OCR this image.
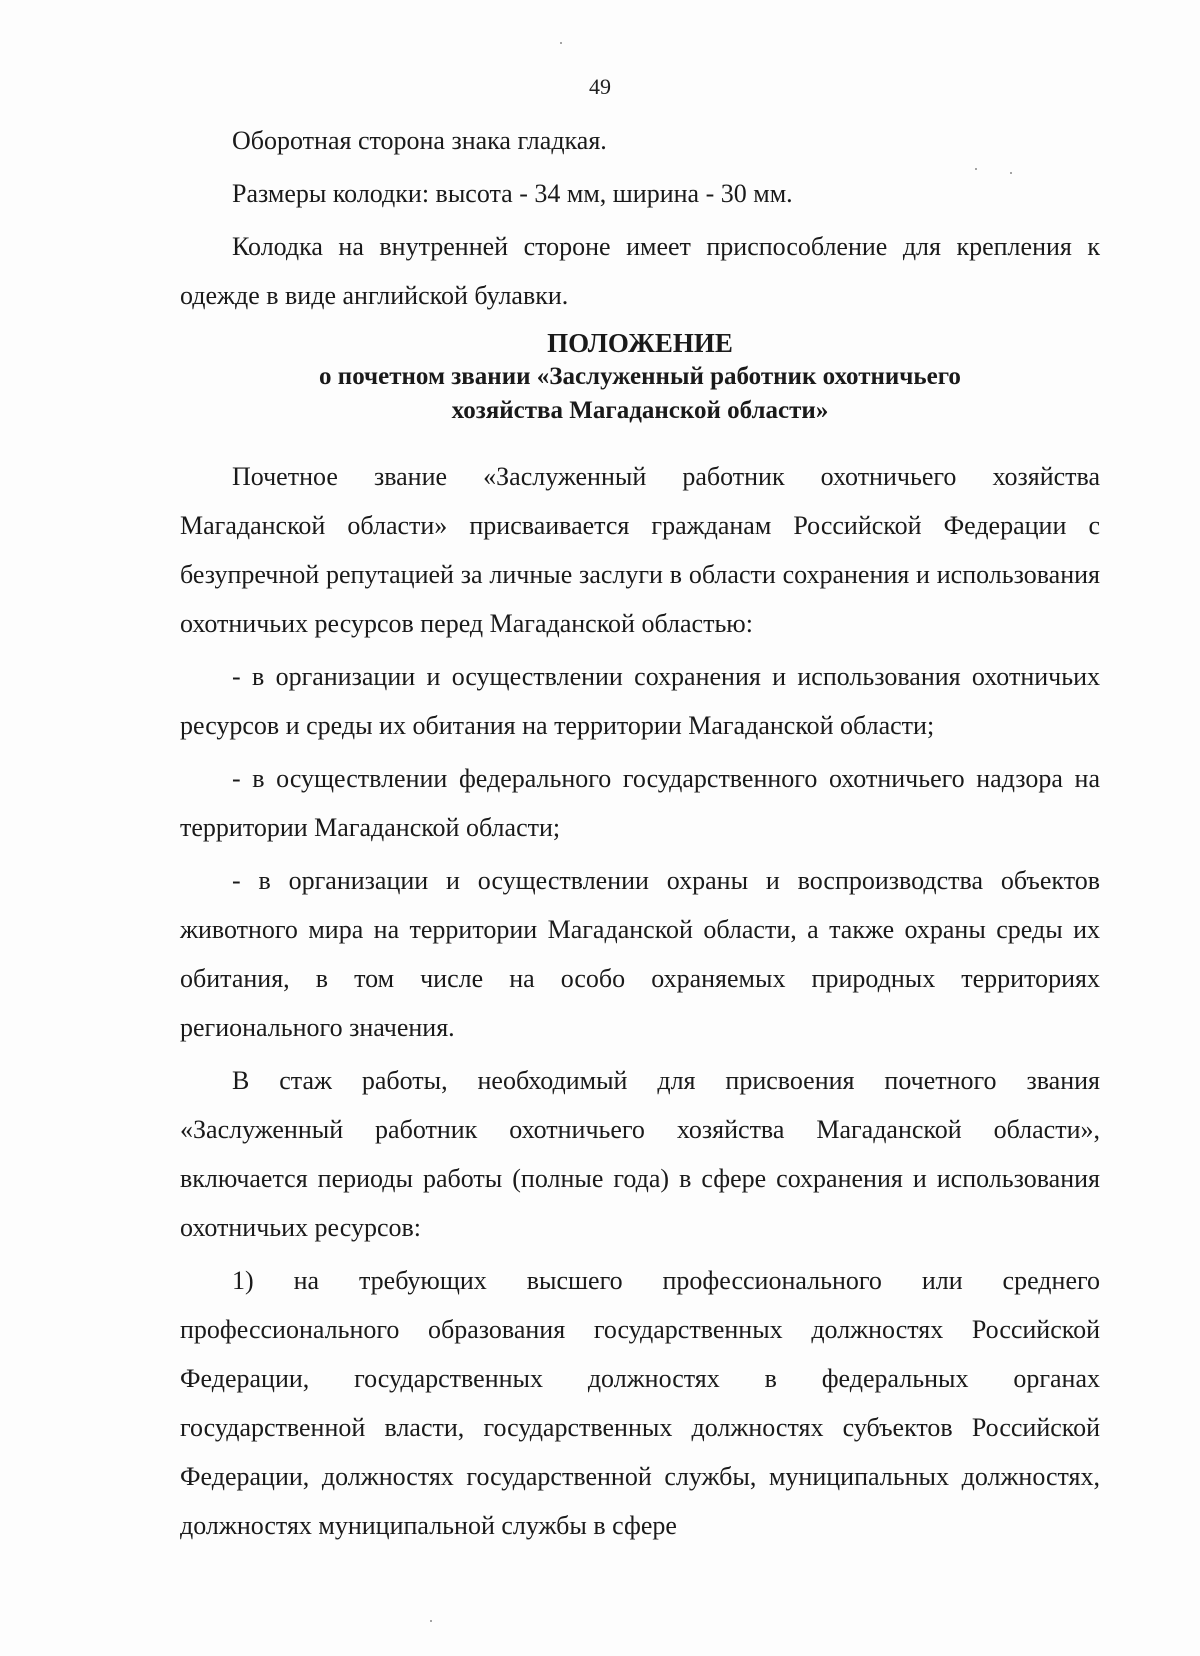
49

Оборотная сторона знака гладкая.

Размеры колодки: высота - 34 мм, ширина - 30 мм.

Колодка на внутренней стороне имеет приспособление для крепления к одежде в виде английской булавки.

ПОЛОЖЕНИЕ
о почетном звании «Заслуженный работник охотничьего
хозяйства Магаданской области»

Почетное звание «Заслуженный работник охотничьего хозяйства Магаданской области» присваивается гражданам Российской Федерации с безупречной репутацией за личные заслуги в области сохранения и использования охотничьих ресурсов перед Магаданской областью:

- в организации и осуществлении сохранения и использования охотничьих ресурсов и среды их обитания на территории Магаданской области;

- в осуществлении федерального государственного охотничьего надзора на территории Магаданской области;

- в организации и осуществлении охраны и воспроизводства объектов животного мира на территории Магаданской области, а также охраны среды их обитания, в том числе на особо охраняемых природных территориях регионального значения.

В стаж работы, необходимый для присвоения почетного звания «Заслуженный работник охотничьего хозяйства Магаданской области», включается периоды работы (полные года) в сфере сохранения и использования охотничьих ресурсов:

1) на требующих высшего профессионального или среднего профессионального образования государственных должностях Российской Федерации, государственных должностях в федеральных органах государственной власти, государственных должностях субъектов Российской Федерации, должностях государственной службы, муниципальных должностях, должностях муниципальной службы в сфере
